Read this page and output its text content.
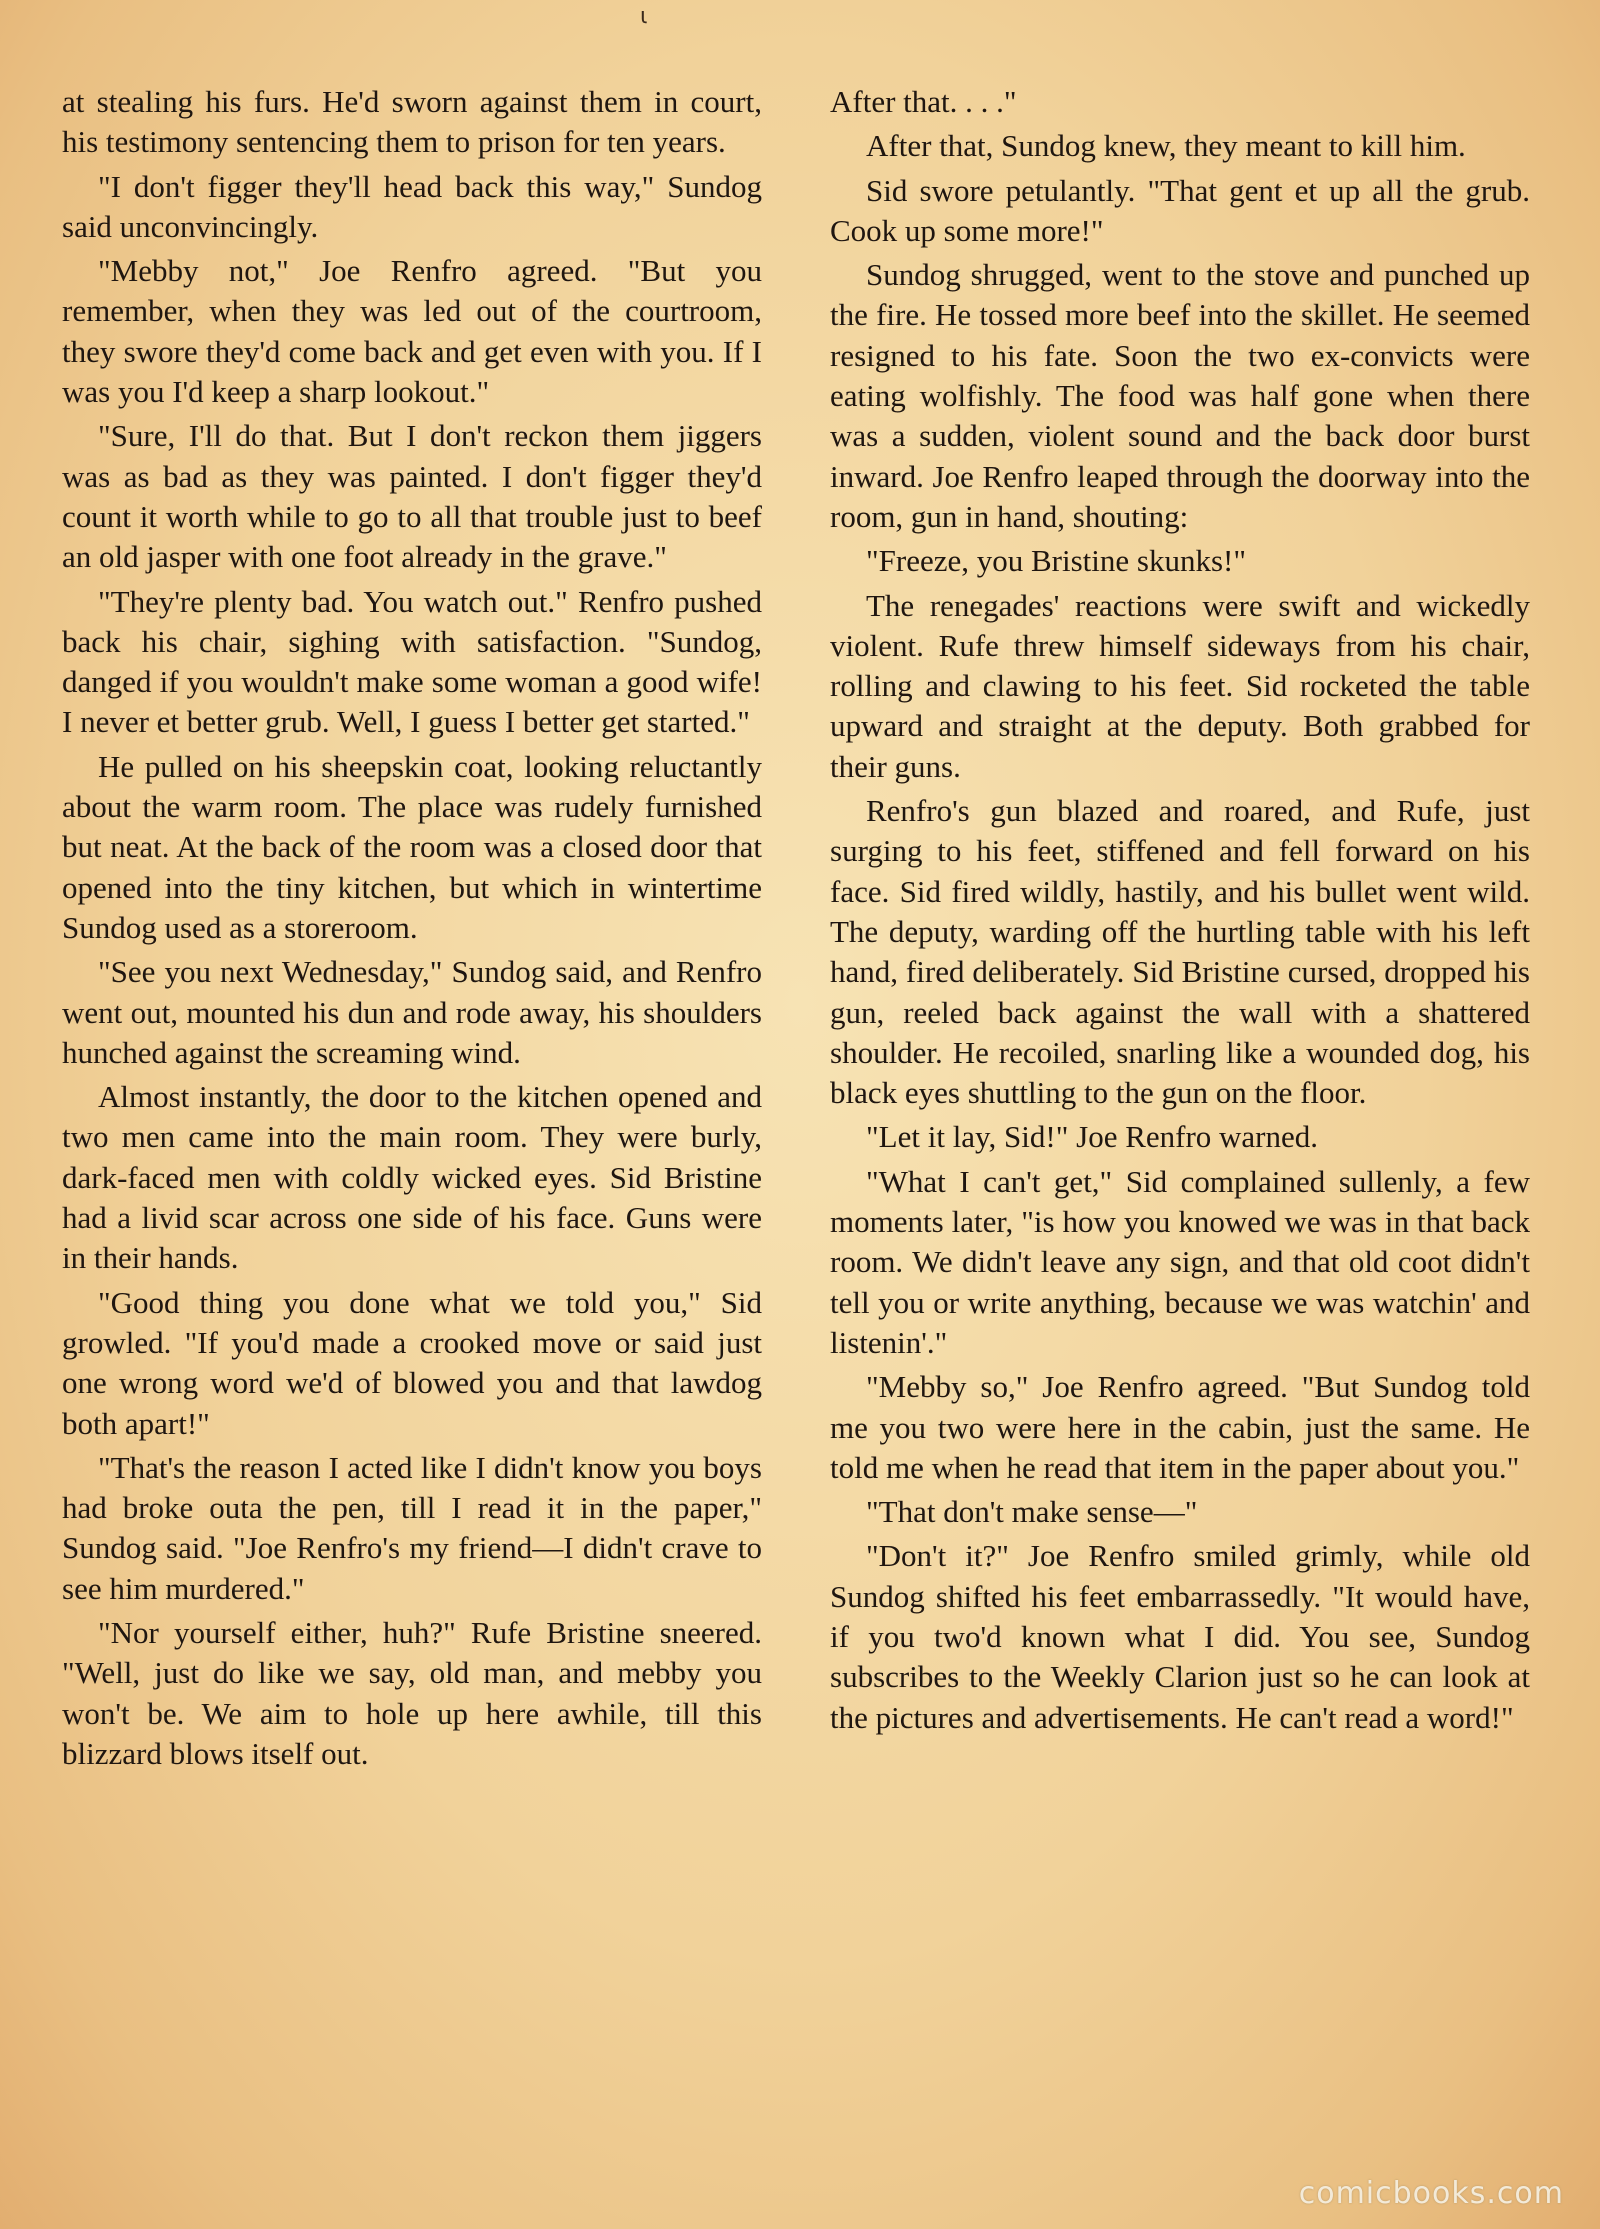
ι

at stealing his furs. He'd sworn against them in court, his testimony sentencing them to prison for ten years.

"I don't figger they'll head back this way," Sundog said unconvincingly.

"Mebby not," Joe Renfro agreed. "But you remember, when they was led out of the courtroom, they swore they'd come back and get even with you. If I was you I'd keep a sharp lookout."

"Sure, I'll do that. But I don't reckon them jiggers was as bad as they was painted. I don't figger they'd count it worth while to go to all that trouble just to beef an old jasper with one foot already in the grave."

"They're plenty bad. You watch out." Renfro pushed back his chair, sighing with satisfaction. "Sundog, danged if you wouldn't make some woman a good wife! I never et better grub. Well, I guess I better get started."

He pulled on his sheepskin coat, looking reluctantly about the warm room. The place was rudely furnished but neat. At the back of the room was a closed door that opened into the tiny kitchen, but which in wintertime Sundog used as a storeroom.

"See you next Wednesday," Sundog said, and Renfro went out, mounted his dun and rode away, his shoulders hunched against the screaming wind.

Almost instantly, the door to the kitchen opened and two men came into the main room. They were burly, dark-faced men with coldly wicked eyes. Sid Bristine had a livid scar across one side of his face. Guns were in their hands.

"Good thing you done what we told you," Sid growled. "If you'd made a crooked move or said just one wrong word we'd of blowed you and that lawdog both apart!"

"That's the reason I acted like I didn't know you boys had broke outa the pen, till I read it in the paper," Sundog said. "Joe Renfro's my friend—I didn't crave to see him murdered."

"Nor yourself either, huh?" Rufe Bristine sneered. "Well, just do like we say, old man, and mebby you won't be. We aim to hole up here awhile, till this blizzard blows itself out.

After that. . . ."

After that, Sundog knew, they meant to kill him.

Sid swore petulantly. "That gent et up all the grub. Cook up some more!"

Sundog shrugged, went to the stove and punched up the fire. He tossed more beef into the skillet. He seemed resigned to his fate. Soon the two ex-convicts were eating wolfishly. The food was half gone when there was a sudden, violent sound and the back door burst inward. Joe Renfro leaped through the doorway into the room, gun in hand, shouting:

"Freeze, you Bristine skunks!"

The renegades' reactions were swift and wickedly violent. Rufe threw himself sideways from his chair, rolling and clawing to his feet. Sid rocketed the table upward and straight at the deputy. Both grabbed for their guns.

Renfro's gun blazed and roared, and Rufe, just surging to his feet, stiffened and fell forward on his face. Sid fired wildly, hastily, and his bullet went wild. The deputy, warding off the hurtling table with his left hand, fired deliberately. Sid Bristine cursed, dropped his gun, reeled back against the wall with a shattered shoulder. He recoiled, snarling like a wounded dog, his black eyes shuttling to the gun on the floor.

"Let it lay, Sid!" Joe Renfro warned.

"What I can't get," Sid complained sullenly, a few moments later, "is how you knowed we was in that back room. We didn't leave any sign, and that old coot didn't tell you or write anything, because we was watchin' and listenin'."

"Mebby so," Joe Renfro agreed. "But Sundog told me you two were here in the cabin, just the same. He told me when he read that item in the paper about you."

"That don't make sense—"

"Don't it?" Joe Renfro smiled grimly, while old Sundog shifted his feet embarrassedly. "It would have, if you two'd known what I did. You see, Sundog subscribes to the Weekly Clarion just so he can look at the pictures and advertisements. He can't read a word!"

comicbooks.com
